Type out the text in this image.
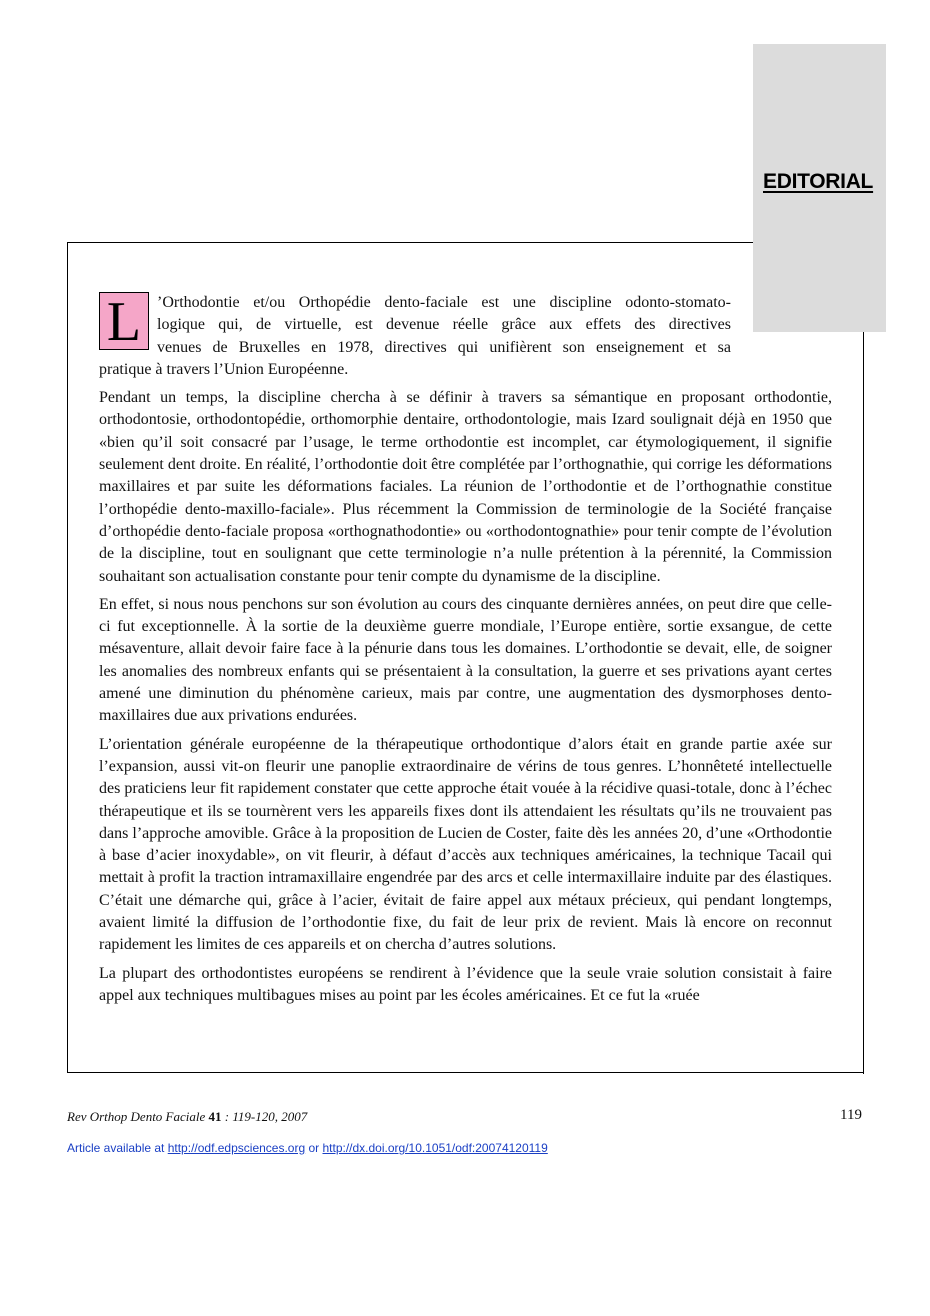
EDITORIAL
L ’Orthodontie et/ou Orthopédie dento-faciale est une discipline odonto-stomato-
logique qui, de virtuelle, est devenue réelle grâce aux effets des directives
venues de Bruxelles en 1978, directives qui unifièrent son enseignement et sa

pratique à travers l’Union Européenne.

Pendant un temps, la discipline chercha à se définir à travers sa sémantique en proposant orthodontie, orthodontosie, orthodontopédie, orthomorphie dentaire, orthodontologie, mais Izard soulignait déjà en 1950 que «bien qu’il soit consacré par l’usage, le terme orthodontie est incomplet, car étymologiquement, il signifie seulement dent droite. En réalité, l’orthodontie doit être complétée par l’orthognathie, qui corrige les déformations maxillaires et par suite les déformations faciales. La réunion de l’orthodontie et de l’orthognathie constitue l’orthopédie dento-maxillo-faciale». Plus récemment la Commission de terminologie de la Société française d’orthopédie dento-faciale proposa «orthognathodontie» ou «orthodontognathie» pour tenir compte de l’évolution de la discipline, tout en soulignant que cette terminologie n’a nulle prétention à la pérennité, la Commission souhaitant son actualisation constante pour tenir compte du dynamisme de la discipline.

En effet, si nous nous penchons sur son évolution au cours des cinquante dernières années, on peut dire que celle-ci fut exceptionnelle. À la sortie de la deuxième guerre mondiale, l’Europe entière, sortie exsangue, de cette mésaventure, allait devoir faire face à la pénurie dans tous les domaines. L’orthodontie se devait, elle, de soigner les anomalies des nombreux enfants qui se présentaient à la consultation, la guerre et ses privations ayant certes amené une diminution du phénomène carieux, mais par contre, une augmentation des dysmorphoses dento-maxillaires due aux privations endurées.

L’orientation générale européenne de la thérapeutique orthodontique d’alors était en grande partie axée sur l’expansion, aussi vit-on fleurir une panoplie extraordinaire de vérins de tous genres. L’honnêteté intellectuelle des praticiens leur fit rapidement constater que cette approche était vouée à la récidive quasi-totale, donc à l’échec thérapeutique et ils se tournèrent vers les appareils fixes dont ils attendaient les résultats qu’ils ne trouvaient pas dans l’approche amovible. Grâce à la proposition de Lucien de Coster, faite dès les années 20, d’une «Orthodontie à base d’acier inoxydable», on vit fleurir, à défaut d’accès aux techniques américaines, la technique Tacail qui mettait à profit la traction intramaxillaire engendrée par des arcs et celle intermaxillaire induite par des élastiques. C’était une démarche qui, grâce à l’acier, évitait de faire appel aux métaux précieux, qui pendant longtemps, avaient limité la diffusion de l’orthodontie fixe, du fait de leur prix de revient. Mais là encore on reconnut rapidement les limites de ces appareils et on chercha d’autres solutions.

La plupart des orthodontistes européens se rendirent à l’évidence que la seule vraie solution consistait à faire appel aux techniques multibagues mises au point par les écoles américaines. Et ce fut la «ruée

Rev Orthop Dento Faciale 41 : 119-120, 2007	119
Article available at http://odf.edpsciences.org or http://dx.doi.org/10.1051/odf:20074120119
